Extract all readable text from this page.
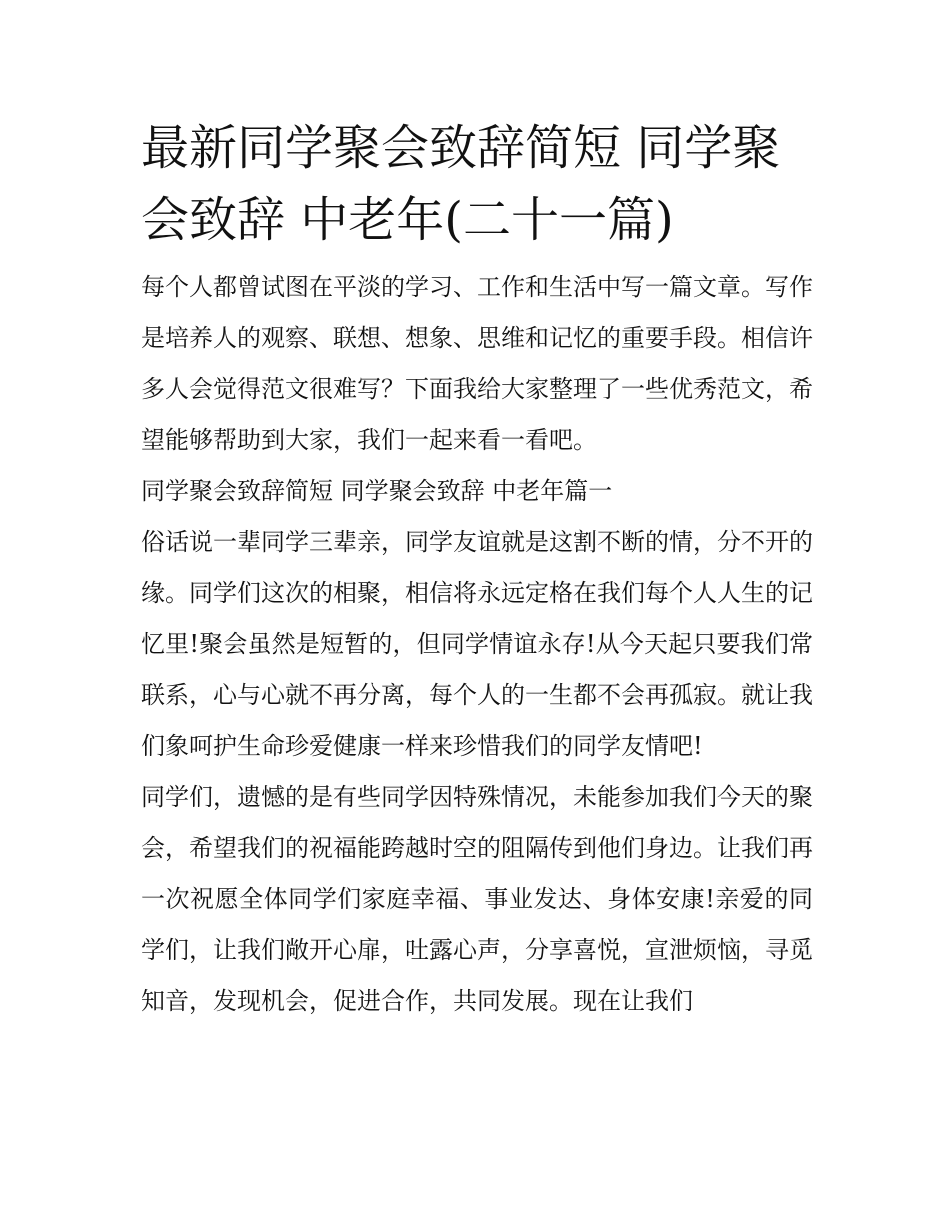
最新同学聚会致辞简短 同学聚会致辞 中老年(二十一篇)

每个人都曾试图在平淡的学习、工作和生活中写一篇文章。写作是培养人的观察、联想、想象、思维和记忆的重要手段。相信许多人会觉得范文很难写？下面我给大家整理了一些优秀范文，希望能够帮助到大家，我们一起来看一看吧。

同学聚会致辞简短 同学聚会致辞 中老年篇一

俗话说一辈同学三辈亲，同学友谊就是这割不断的情，分不开的缘。同学们这次的相聚，相信将永远定格在我们每个人人生的记忆里!聚会虽然是短暂的，但同学情谊永存!从今天起只要我们常联系，心与心就不再分离，每个人的一生都不会再孤寂。就让我们象呵护生命珍爱健康一样来珍惜我们的同学友情吧!

同学们，遗憾的是有些同学因特殊情况，未能参加我们今天的聚会，希望我们的祝福能跨越时空的阻隔传到他们身边。让我们再一次祝愿全体同学们家庭幸福、事业发达、身体安康!亲爱的同学们，让我们敞开心扉，吐露心声，分享喜悦，宣泄烦恼，寻觅知音，发现机会，促进合作，共同发展。现在让我们
